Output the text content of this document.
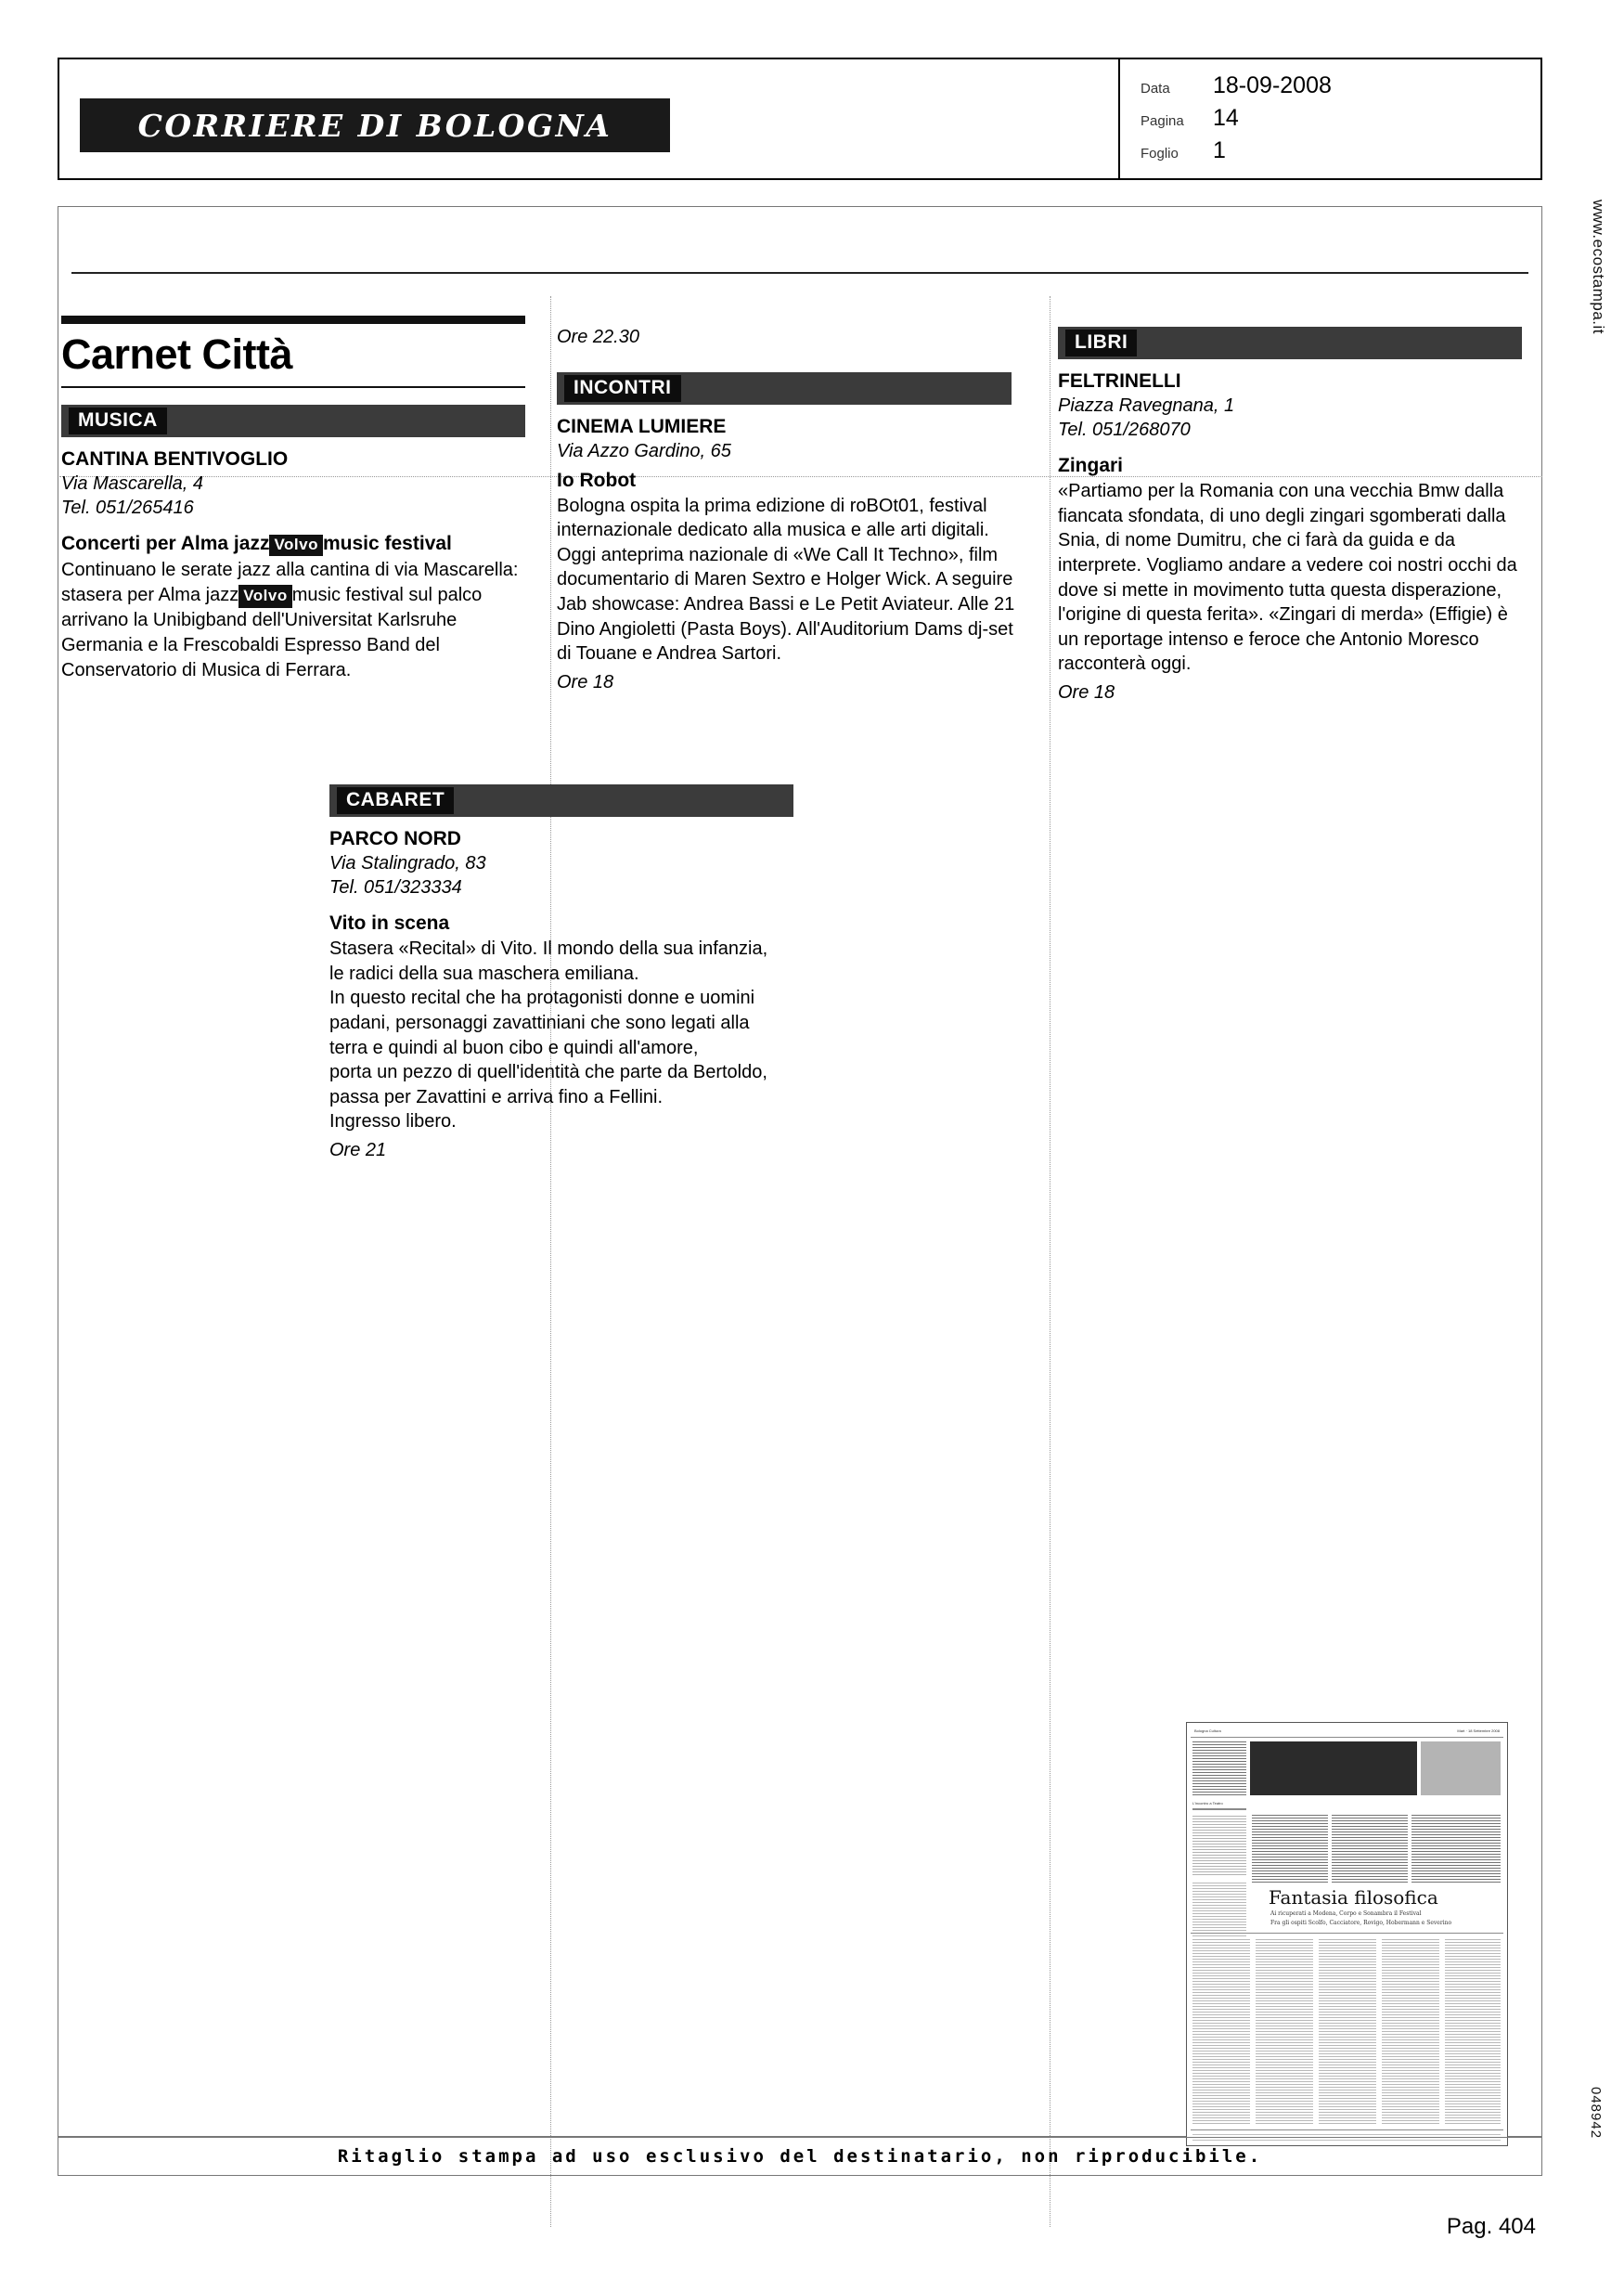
CORRIERE DI BOLOGNA
Data	18-09-2008
Pagina	14
Foglio	1
Carnet Città
MUSICA
CANTINA BENTIVOGLIO
Via Mascarella, 4
Tel. 051/265416
Concerti per Alma jazz Volvo music festival
Continuano le serate jazz alla cantina di via Mascarella: stasera per Alma jazz Volvo music festival sul palco arrivano la Unibigband dell'Universitat Karlsruhe Germania e la Frescobaldi Espresso Band del Conservatorio di Musica di Ferrara.
Ore 22.30
INCONTRI
CINEMA LUMIERE
Via Azzo Gardino, 65
Io Robot
Bologna ospita la prima edizione di roBOt01, festival internazionale dedicato alla musica e alle arti digitali. Oggi anteprima nazionale di «We Call It Techno», film documentario di Maren Sextro e Holger Wick. A seguire Jab showcase: Andrea Bassi e Le Petit Aviateur. Alle 21 Dino Angioletti (Pasta Boys). All'Auditorium Dams dj-set di Touane e Andrea Sartori.
Ore 18
LIBRI
FELTRINELLI
Piazza Ravegnana, 1
Tel. 051/268070
Zingari
«Partiamo per la Romania con una vecchia Bmw dalla fiancata sfondata, di uno degli zingari sgomberati dalla Snia, di nome Dumitru, che ci farà da guida e da interprete. Vogliamo andare a vedere coi nostri occhi da dove si mette in movimento tutta questa disperazione, l'origine di questa ferita». «Zingari di merda» (Effigie) è un reportage intenso e feroce che Antonio Moresco racconterà oggi.
Ore 18
CABARET
PARCO NORD
Via Stalingrado, 83
Tel. 051/323334
Vito in scena
Stasera «Recital» di Vito. Il mondo della sua infanzia,
le radici della sua maschera emiliana.
In questo recital che ha protagonisti donne e uomini
padani, personaggi zavattiniani che sono legati alla
terra e quindi al buon cibo e quindi all'amore,
porta un pezzo di quell'identità che parte da Bertoldo,
passa per Zavattini e arriva fino a Fellini.
Ingresso libero.
Ore 21
www.ecostampa.it
048942
Bologna Cultura	Mart · 18 Settembre 2008
L'incontro a Teatro
Fantasia filosofica
Ai ricuperati a Modena, Corpo e Sonambra il Festival
Fra gli ospiti Scolfo, Cacciatore, Rovigo, Hobermann e Severino
Ritaglio stampa ad uso esclusivo del destinatario, non riproducibile.
Pag. 404
